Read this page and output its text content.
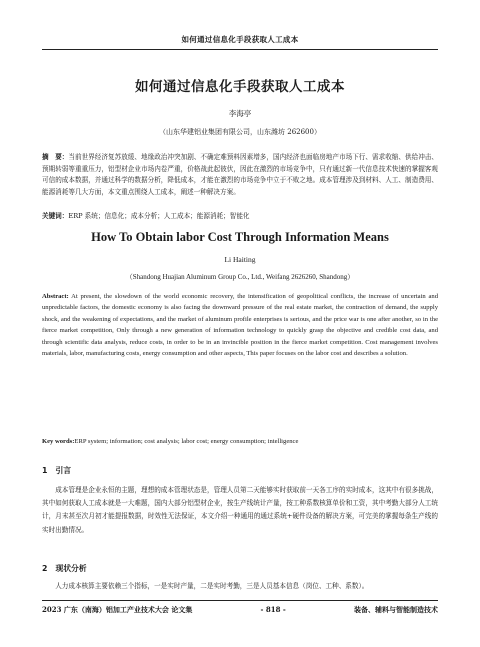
如何通过信息化手段获取人工成本
如何通过信息化手段获取人工成本
李海亭
（山东华建铝业集团有限公司，山东潍坊 262600）
摘　要：当前世界经济复苏放缓、地缘政治冲突加剧、不确定难预料因素增多，国内经济也面临房地产市场下行、需求收缩、供给冲击、预期转弱等重重压力，铝型材企业市场内卷严重，价格战此起彼伏，因此在激烈的市场竞争中，只有通过新一代信息技术快速的掌握客观可信的成本数据，并通过科学的数据分析，降低成本，才能在激烈的市场竞争中立于不败之地。成本管理涉及到材料、人工、制造费用、能源消耗等几大方面，本文重点围绕人工成本，阐述一种解决方案。
关键词：ERP 系统；信息化；成本分析；人工成本；能源消耗；智能化
How To Obtain labor Cost Through Information Means
Li Haiting
（Shandong Huajian Aluminum Group Co., Ltd., Weifang 2626260, Shandong）
Abstract: At present, the slowdown of the world economic recovery, the intensification of geopolitical conflicts, the increase of uncertain and unpredictable factors, the domestic economy is also facing the downward pressure of the real estate market, the contraction of demand, the supply shock, and the weakening of expectations, and the market of aluminum profile enterprises is serious, and the price war is one after another, so in the fierce market competition, Only through a new generation of information technology to quickly grasp the objective and credible cost data, and through scientific data analysis, reduce costs, in order to be in an invincible position in the fierce market competition. Cost management involves materials, labor, manufacturing costs, energy consumption and other aspects, This paper focuses on the labor cost and describes a solution.
Key words:ERP system; information; cost analysis; labor cost; energy consumption; intelligence
1 引言
成本管理是企业永恒的主题，理想的成本管理状态是，管理人员第二天能够实时获取前一天各工序的实时成本，这其中有很多挑战，其中如何获取人工成本就是一大难题，国内大部分铝型材企业，按生产线统计产量，按工种系数核算单价和工资，其中考勤大部分人工统计，月末甚至次月初才能提报数据，时效性无法保证，本文介绍一种通用的通过系统+硬件设备的解决方案，可完美的掌握每条生产线的实时出勤情况。
2 现状分析
人力成本核算主要依赖三个指标，一是实时产量，二是实时考勤，三是人员基本信息（岗位、工种、系数）。
2023 广东（南海）铝加工产业技术大会 论文集	- 818 -	装备、辅料与智能制造技术
